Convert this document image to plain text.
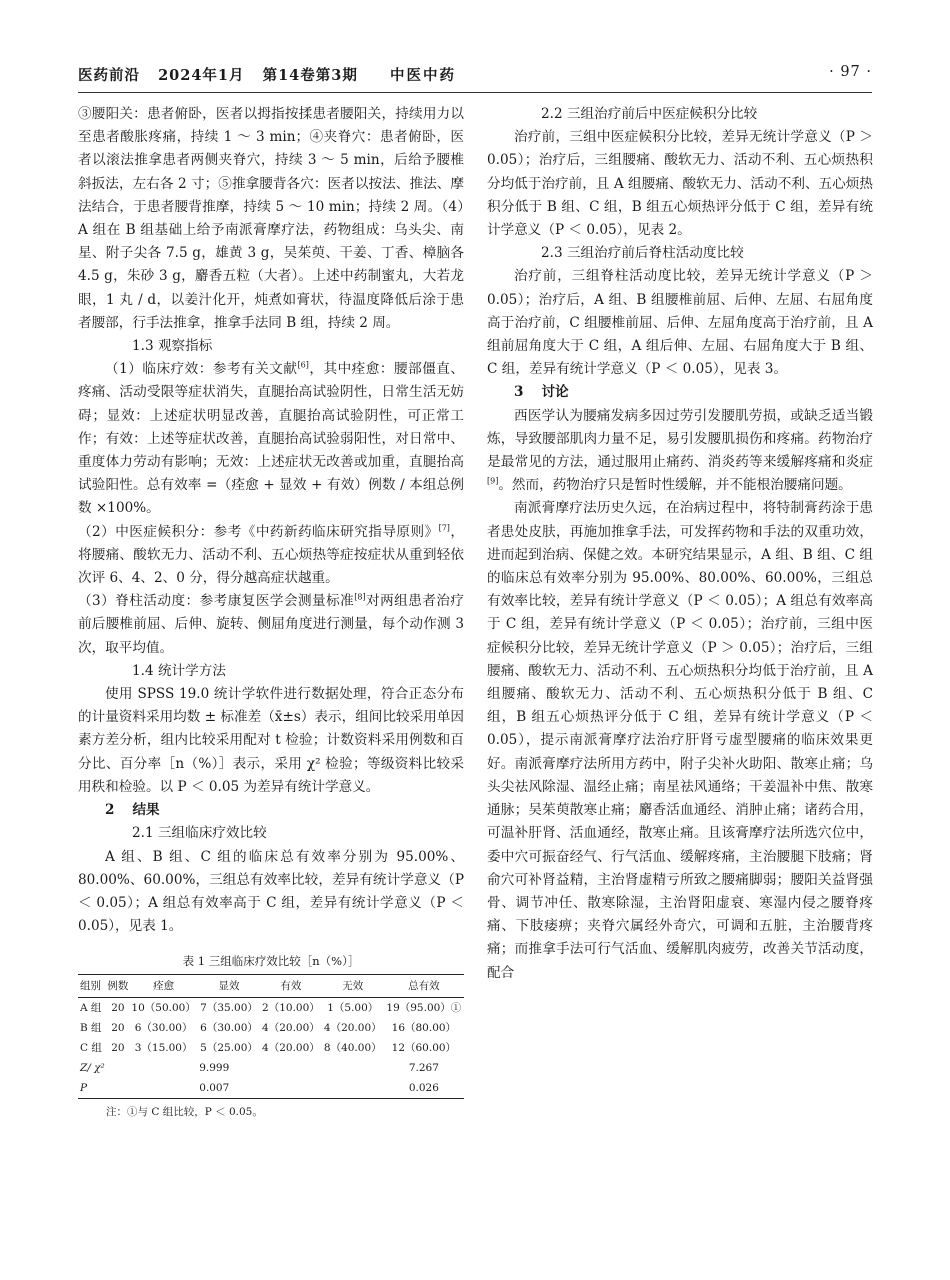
医药前沿 2024年1月 第14卷第3期	中医中药	· 97 ·

③腰阳关：患者俯卧，医者以拇指按揉患者腰阳关，持续用力以至患者酸胀疼痛，持续 1 ～ 3 min；④夹脊穴：患者俯卧，医者以滚法推拿患者两侧夹脊穴，持续 3 ～ 5 min，后给予腰椎斜扳法，左右各 2 寸；⑤推拿腰背各穴：医者以按法、推法、摩法结合，于患者腰背推摩，持续 5 ～ 10 min；持续 2 周。（4）A 组在 B 组基础上给予南派膏摩疗法，药物组成：乌头尖、南星、附子尖各 7.5 g，雄黄 3 g，吴茱萸、干姜、丁香、樟脑各 4.5 g，朱砂 3 g，麝香五粒（大者）。上述中药制蜜丸，大若龙眼，1 丸 / d，以姜汁化开，炖煮如膏状，待温度降低后涂于患者腰部，行手法推拿，推拿手法同 B 组，持续 2 周。

1.3 观察指标

（1）临床疗效：参考有关文献[6]，其中痊愈：腰部僵直、疼痛、活动受限等症状消失，直腿抬高试验阴性，日常生活无妨碍；显效：上述症状明显改善，直腿抬高试验阴性，可正常工作；有效：上述等症状改善，直腿抬高试验弱阳性，对日常中、重度体力劳动有影响；无效：上述症状无改善或加重，直腿抬高试验阳性。总有效率 =（痊愈 + 显效 + 有效）例数 / 本组总例数 ×100%。

（2）中医症候积分：参考《中药新药临床研究指导原则》[7]，将腰痛、酸软无力、活动不利、五心烦热等症按症状从重到轻依次评 6、4、2、0 分，得分越高症状越重。

（3）脊柱活动度：参考康复医学会测量标准[8]对两组患者治疗前后腰椎前屈、后伸、旋转、侧屈角度进行测量，每个动作测 3 次，取平均值。

1.4 统计学方法

使用 SPSS 19.0 统计学软件进行数据处理，符合正态分布的计量资料采用均数 ± 标准差（x̄±s）表示，组间比较采用单因素方差分析，组内比较采用配对 t 检验；计数资料采用例数和百分比、百分率［n（%）］表示，采用 χ² 检验；等级资料比较采用秩和检验。以 P ＜ 0.05 为差异有统计学意义。

2 结果

2.1 三组临床疗效比较

A 组、B 组、C 组的临床总有效率分别为 95.00%、80.00%、60.00%，三组总有效率比较，差异有统计学意义（P ＜ 0.05）；A 组总有效率高于 C 组，差异有统计学意义（P ＜ 0.05），见表 1。

表 1 三组临床疗效比较［n（%）］
组别	例数	痊愈	显效	有效	无效	总有效
A 组	20	10（50.00）	7（35.00）	2（10.00）	1（5.00）	19（95.00）①
B 组	20	6（30.00）	6（30.00）	4（20.00）	4（20.00）	16（80.00）
C 组	20	3（15.00）	5（25.00）	4（20.00）	8（40.00）	12（60.00）
Z/ χ²	9.999					7.267
P	0.007					0.026
注：①与 C 组比较，P ＜ 0.05。

2.2 三组治疗前后中医症候积分比较

治疗前，三组中医症候积分比较，差异无统计学意义（P ＞ 0.05）；治疗后，三组腰痛、酸软无力、活动不利、五心烦热积分均低于治疗前，且 A 组腰痛、酸软无力、活动不利、五心烦热积分低于 B 组、C 组，B 组五心烦热评分低于 C 组，差异有统计学意义（P ＜ 0.05），见表 2。

2.3 三组治疗前后脊柱活动度比较

治疗前，三组脊柱活动度比较，差异无统计学意义（P ＞ 0.05）；治疗后，A 组、B 组腰椎前屈、后伸、左屈、右屈角度高于治疗前，C 组腰椎前屈、后伸、左屈角度高于治疗前，且 A 组前屈角度大于 C 组，A 组后伸、左屈、右屈角度大于 B 组、C 组，差异有统计学意义（P ＜ 0.05），见表 3。

3 讨论

西医学认为腰痛发病多因过劳引发腰肌劳损，或缺乏适当锻炼，导致腰部肌肉力量不足，易引发腰肌损伤和疼痛。药物治疗是最常见的方法，通过服用止痛药、消炎药等来缓解疼痛和炎症[9]。然而，药物治疗只是暂时性缓解，并不能根治腰痛问题。

南派膏摩疗法历史久远，在治病过程中，将特制膏药涂于患者患处皮肤，再施加推拿手法，可发挥药物和手法的双重功效，进而起到治病、保健之效。本研究结果显示，A 组、B 组、C 组的临床总有效率分别为 95.00%、80.00%、60.00%，三组总有效率比较，差异有统计学意义（P ＜ 0.05）；A 组总有效率高于 C 组，差异有统计学意义（P ＜ 0.05）；治疗前，三组中医症候积分比较，差异无统计学意义（P ＞ 0.05）；治疗后，三组腰痛、酸软无力、活动不利、五心烦热积分均低于治疗前，且 A 组腰痛、酸软无力、活动不利、五心烦热积分低于 B 组、C 组，B 组五心烦热评分低于 C 组，差异有统计学意义（P ＜ 0.05），提示南派膏摩疗法治疗肝肾亏虚型腰痛的临床效果更好。南派膏摩疗法所用方药中，附子尖补火助阳、散寒止痛；乌头尖祛风除湿、温经止痛；南星祛风通络；干姜温补中焦、散寒通脉；吴茱萸散寒止痛；麝香活血通经、消肿止痛；诸药合用，可温补肝肾、活血通经，散寒止痛。且该膏摩疗法所选穴位中，委中穴可振奋经气、行气活血、缓解疼痛，主治腰腿下肢痛；肾俞穴可补肾益精，主治肾虚精亏所致之腰痛脚弱；腰阳关益肾强骨、调节冲任、散寒除湿，主治肾阳虚衰、寒湿内侵之腰脊疼痛、下肢痿痹；夹脊穴属经外奇穴，可调和五脏，主治腰背疼痛；而推拿手法可行气活血、缓解肌肉疲劳，改善关节活动度，配合
